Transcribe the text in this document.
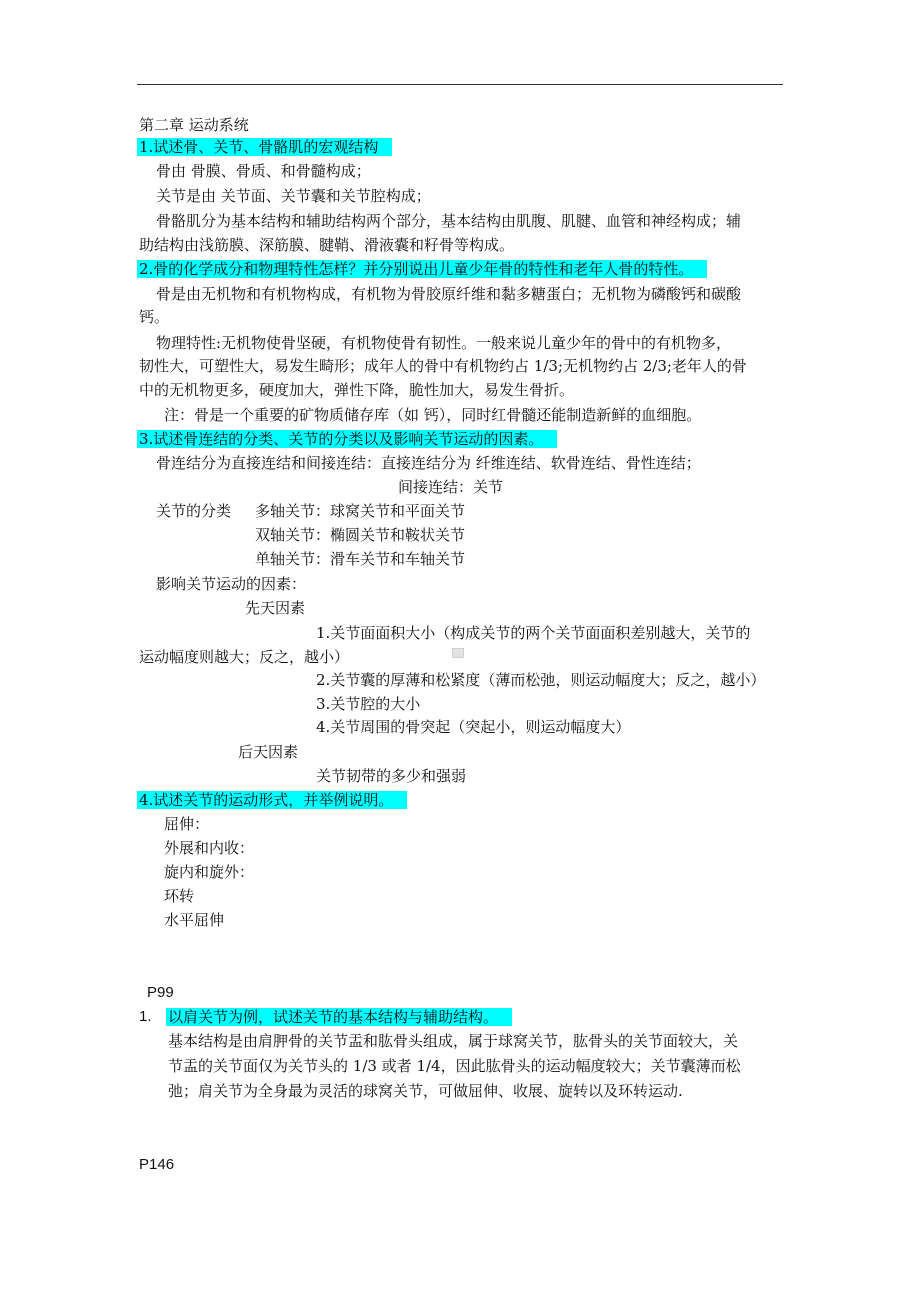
第二章 运动系统
1.试述骨、关节、骨骼肌的宏观结构
骨由 骨膜、骨质、和骨髓构成；
关节是由 关节面、关节囊和关节腔构成；
骨骼肌分为基本结构和辅助结构两个部分，基本结构由肌腹、肌腱、血管和神经构成；辅
助结构由浅筋膜、深筋膜、腱鞘、滑液囊和籽骨等构成。
2.骨的化学成分和物理特性怎样？并分别说出儿童少年骨的特性和老年人骨的特性。
骨是由无机物和有机物构成，有机物为骨胶原纤维和黏多糖蛋白；无机物为磷酸钙和碳酸
钙。
物理特性:无机物使骨坚硬，有机物使骨有韧性。一般来说儿童少年的骨中的有机物多，
韧性大，可塑性大，易发生畸形；成年人的骨中有机物约占 1/3;无机物约占 2/3;老年人的骨
中的无机物更多，硬度加大，弹性下降，脆性加大，易发生骨折。
注：骨是一个重要的矿物质储存库（如 钙），同时红骨髓还能制造新鲜的血细胞。
3.试述骨连结的分类、关节的分类以及影响关节运动的因素。
骨连结分为直接连结和间接连结：直接连结分为 纤维连结、软骨连结、骨性连结；
间接连结：关节
关节的分类 多轴关节：球窝关节和平面关节
双轴关节：椭圆关节和鞍状关节
单轴关节：滑车关节和车轴关节
影响关节运动的因素：
先天因素
1.关节面面积大小（构成关节的两个关节面面积差别越大，关节的
运动幅度则越大；反之，越小）
2.关节囊的厚薄和松紧度（薄而松弛，则运动幅度大；反之，越小）
3.关节腔的大小
4.关节周围的骨突起（突起小，则运动幅度大）
后天因素
关节韧带的多少和强弱
4.试述关节的运动形式，并举例说明。
屈伸：
外展和内收：
旋内和旋外：
环转
水平屈伸
P99
1. 以肩关节为例，试述关节的基本结构与辅助结构。
基本结构是由肩胛骨的关节盂和肱骨头组成，属于球窝关节，肱骨头的关节面较大，关
节盂的关节面仅为关节头的 1/3 或者 1/4，因此肱骨头的运动幅度较大；关节囊薄而松
弛；肩关节为全身最为灵活的球窝关节，可做屈伸、收展、旋转以及环转运动.
P146
